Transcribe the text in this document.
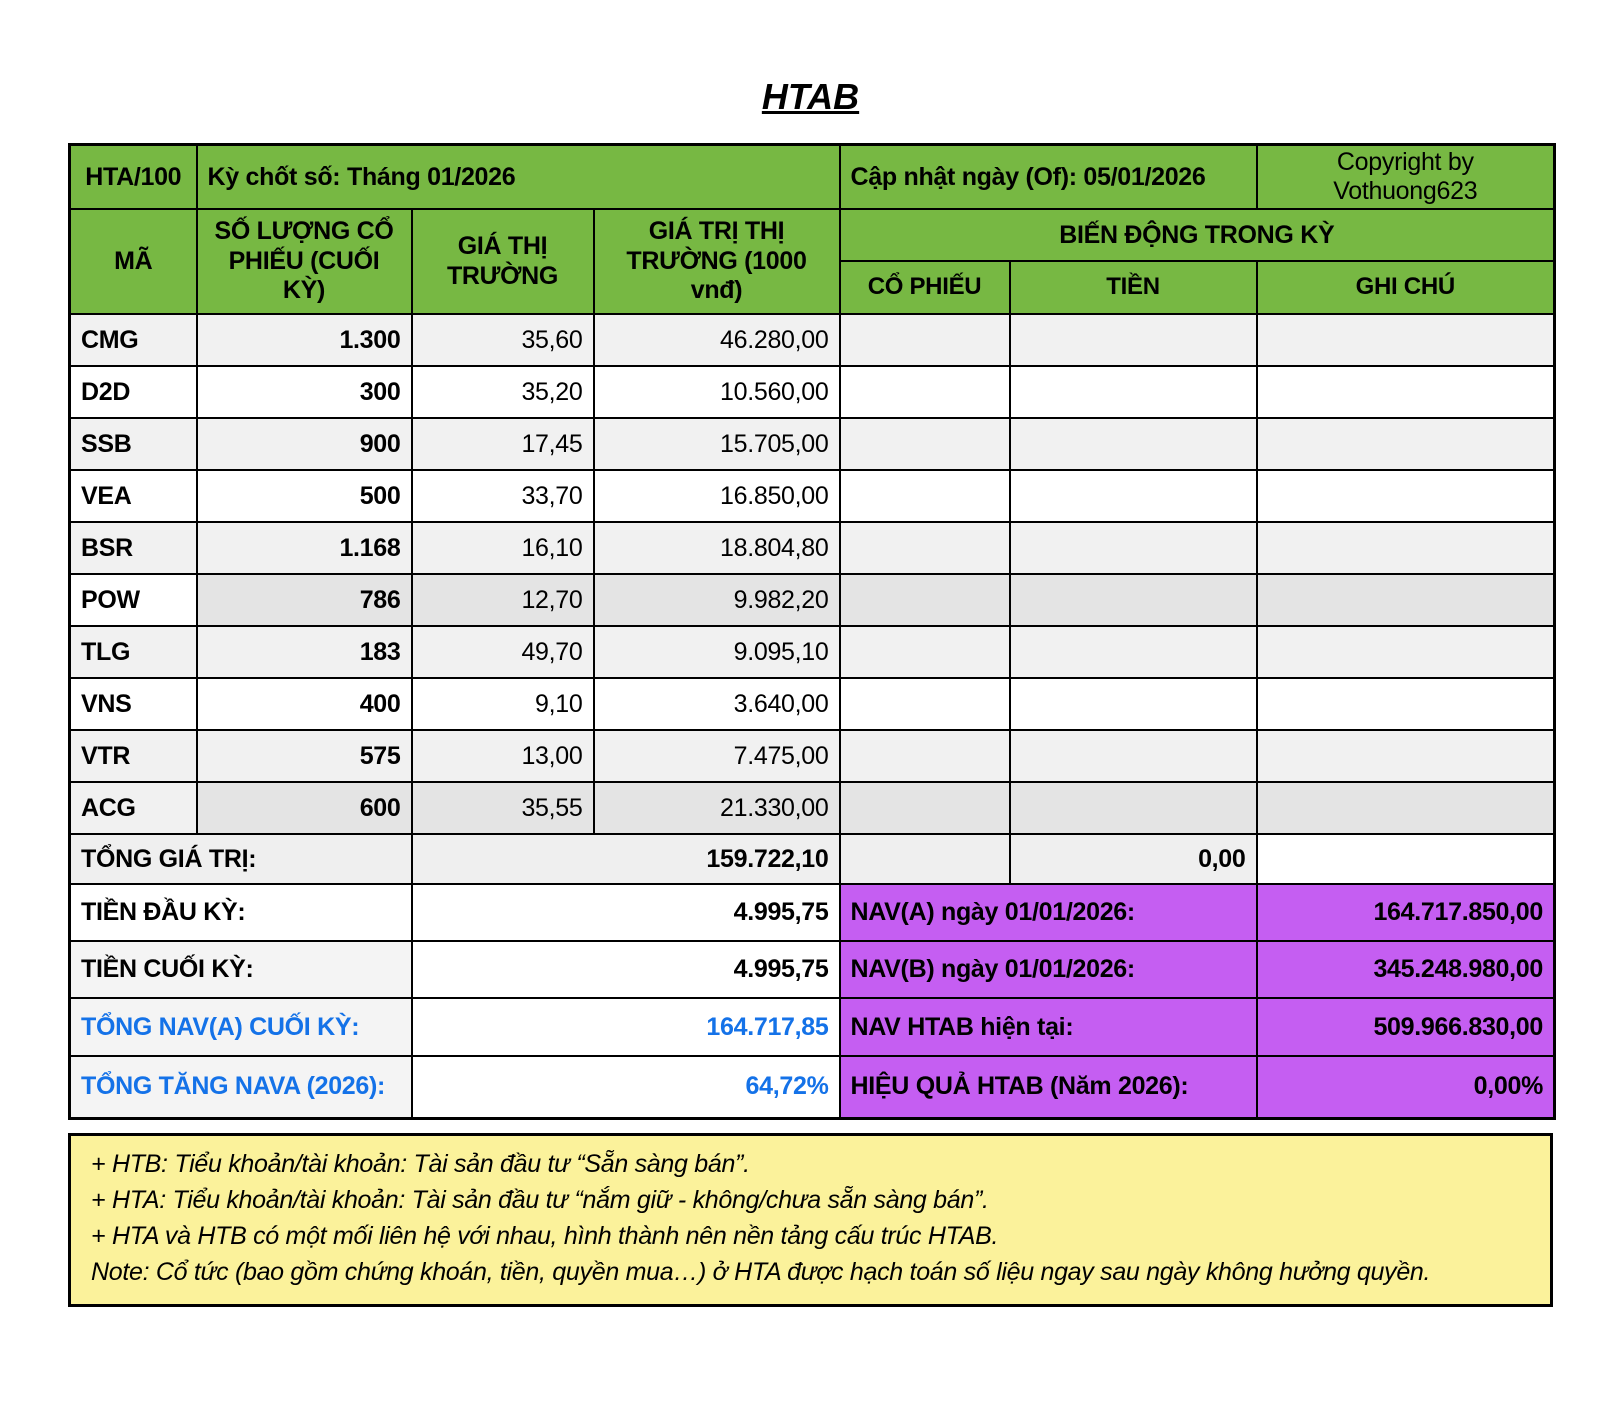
HTAB
HTA/100	Kỳ chốt số: Tháng 01/2026			Cập nhật ngày (Of): 05/01/2026		Copyright by Vothuong623
MÃ	SỐ LƯỢNG CỔ PHIẾU (CUỐI KỲ)	GIÁ THỊ TRƯỜNG	GIÁ TRỊ THỊ TRƯỜNG (1000 vnđ)	BIẾN ĐỘNG TRONG KỲ		
				CỔ PHIẾU	TIỀN	GHI CHÚ
CMG	1.300	35,60	46.280,00			
D2D	300	35,20	10.560,00			
SSB	900	17,45	15.705,00			
VEA	500	33,70	16.850,00			
BSR	1.168	16,10	18.804,80			
POW	786	12,70	9.982,20			
TLG	183	49,70	9.095,10			
VNS	400	9,10	3.640,00			
VTR	575	13,00	7.475,00			
ACG	600	35,55	21.330,00			
TỔNG GIÁ TRỊ:		159.722,10			0,00	
TIỀN ĐẦU KỲ:		4.995,75		NAV(A) ngày 01/01/2026:		164.717.850,00
TIỀN CUỐI KỲ:		4.995,75		NAV(B) ngày 01/01/2026:		345.248.980,00
TỔNG NAV(A) CUỐI KỲ:		164.717,85		NAV HTAB hiện tại:		509.966.830,00
TỔNG TĂNG NAVA (2026):		64,72%		HIỆU QUẢ HTAB (Năm 2026):		0,00%
+ HTB: Tiểu khoản/tài khoản: Tài sản đầu tư “Sẵn sàng bán”.
+ HTA: Tiểu khoản/tài khoản: Tài sản đầu tư “nắm giữ - không/chưa sẵn sàng bán”.
+ HTA và HTB có một mối liên hệ với nhau, hình thành nên nền tảng cấu trúc HTAB.
Note: Cổ tức (bao gồm chứng khoán, tiền, quyền mua…) ở HTA được hạch toán số liệu ngay sau ngày không hưởng quyền.
